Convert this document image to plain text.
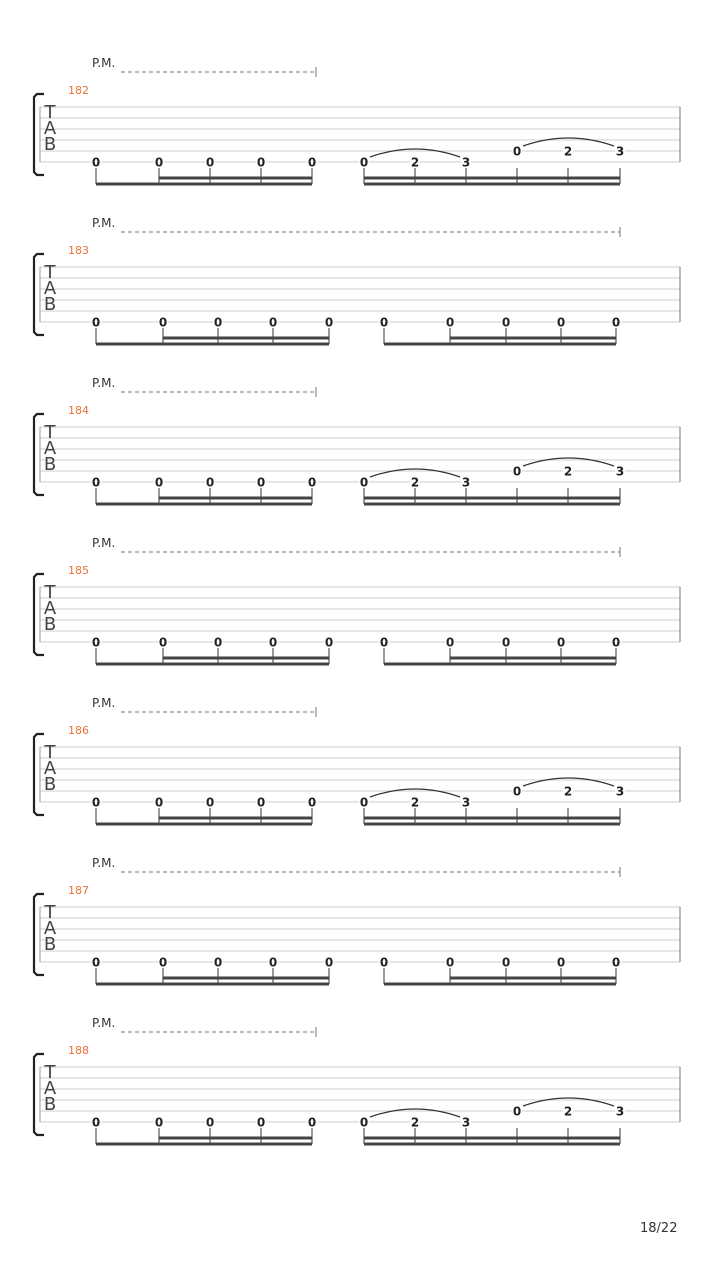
P.M.
182
T
A
B
0	0	0	0	0	0	2	3
0	2	3
P.M.
183
T
A
B
0	0	0	0	0	0	0	0	0	0
P.M.
184
T
A
B
0	0	0	0	0	0	2	3
0	2	3
P.M.
185
T
A
B
0	0	0	0	0	0	0	0	0	0
P.M.
186
T
A
B
0	0	0	0	0	0	2	3
0	2	3
P.M.
187
T
A
B
0	0	0	0	0	0	0	0	0	0
P.M.
188
T
A
B
0	0	0	0	0	0	2	3
0	2	3
18/22
